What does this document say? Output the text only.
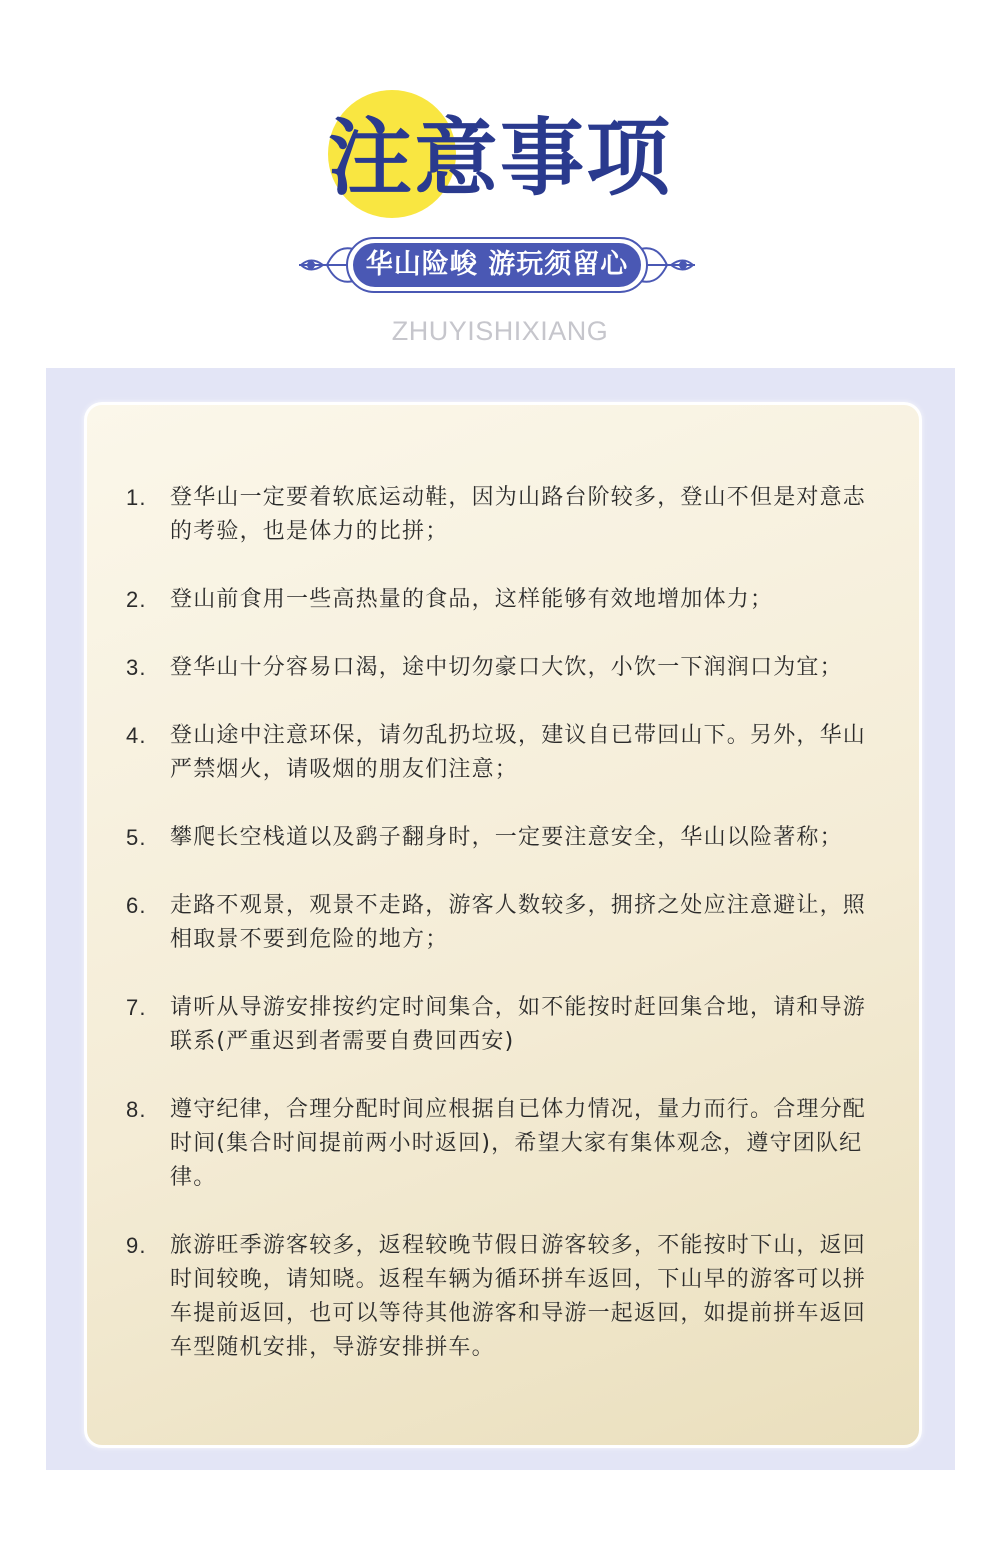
注意事项
华山险峻 游玩须留心
ZHUYISHIXIANG
1. 登华山一定要着软底运动鞋，因为山路台阶较多，登山不但是对意志的考验，也是体力的比拼；
2. 登山前食用一些高热量的食品，这样能够有效地增加体力；
3. 登华山十分容易口渴，途中切勿豪口大饮，小饮一下润润口为宜；
4. 登山途中注意环保，请勿乱扔垃圾，建议自已带回山下。另外，华山严禁烟火，请吸烟的朋友们注意；
5. 攀爬长空栈道以及鹞子翻身时，一定要注意安全，华山以险著称；
6. 走路不观景，观景不走路，游客人数较多，拥挤之处应注意避让，照相取景不要到危险的地方；
7. 请听从导游安排按约定时间集合，如不能按时赶回集合地，请和导游联系(严重迟到者需要自费回西安)
8. 遵守纪律，合理分配时间应根据自已体力情况，量力而行。合理分配时间(集合时间提前两小时返回)，希望大家有集体观念，遵守团队纪律。
9. 旅游旺季游客较多，返程较晚节假日游客较多，不能按时下山，返回时间较晚，请知晓。返程车辆为循环拼车返回，下山早的游客可以拼车提前返回，也可以等待其他游客和导游一起返回，如提前拼车返回车型随机安排，导游安排拼车。
